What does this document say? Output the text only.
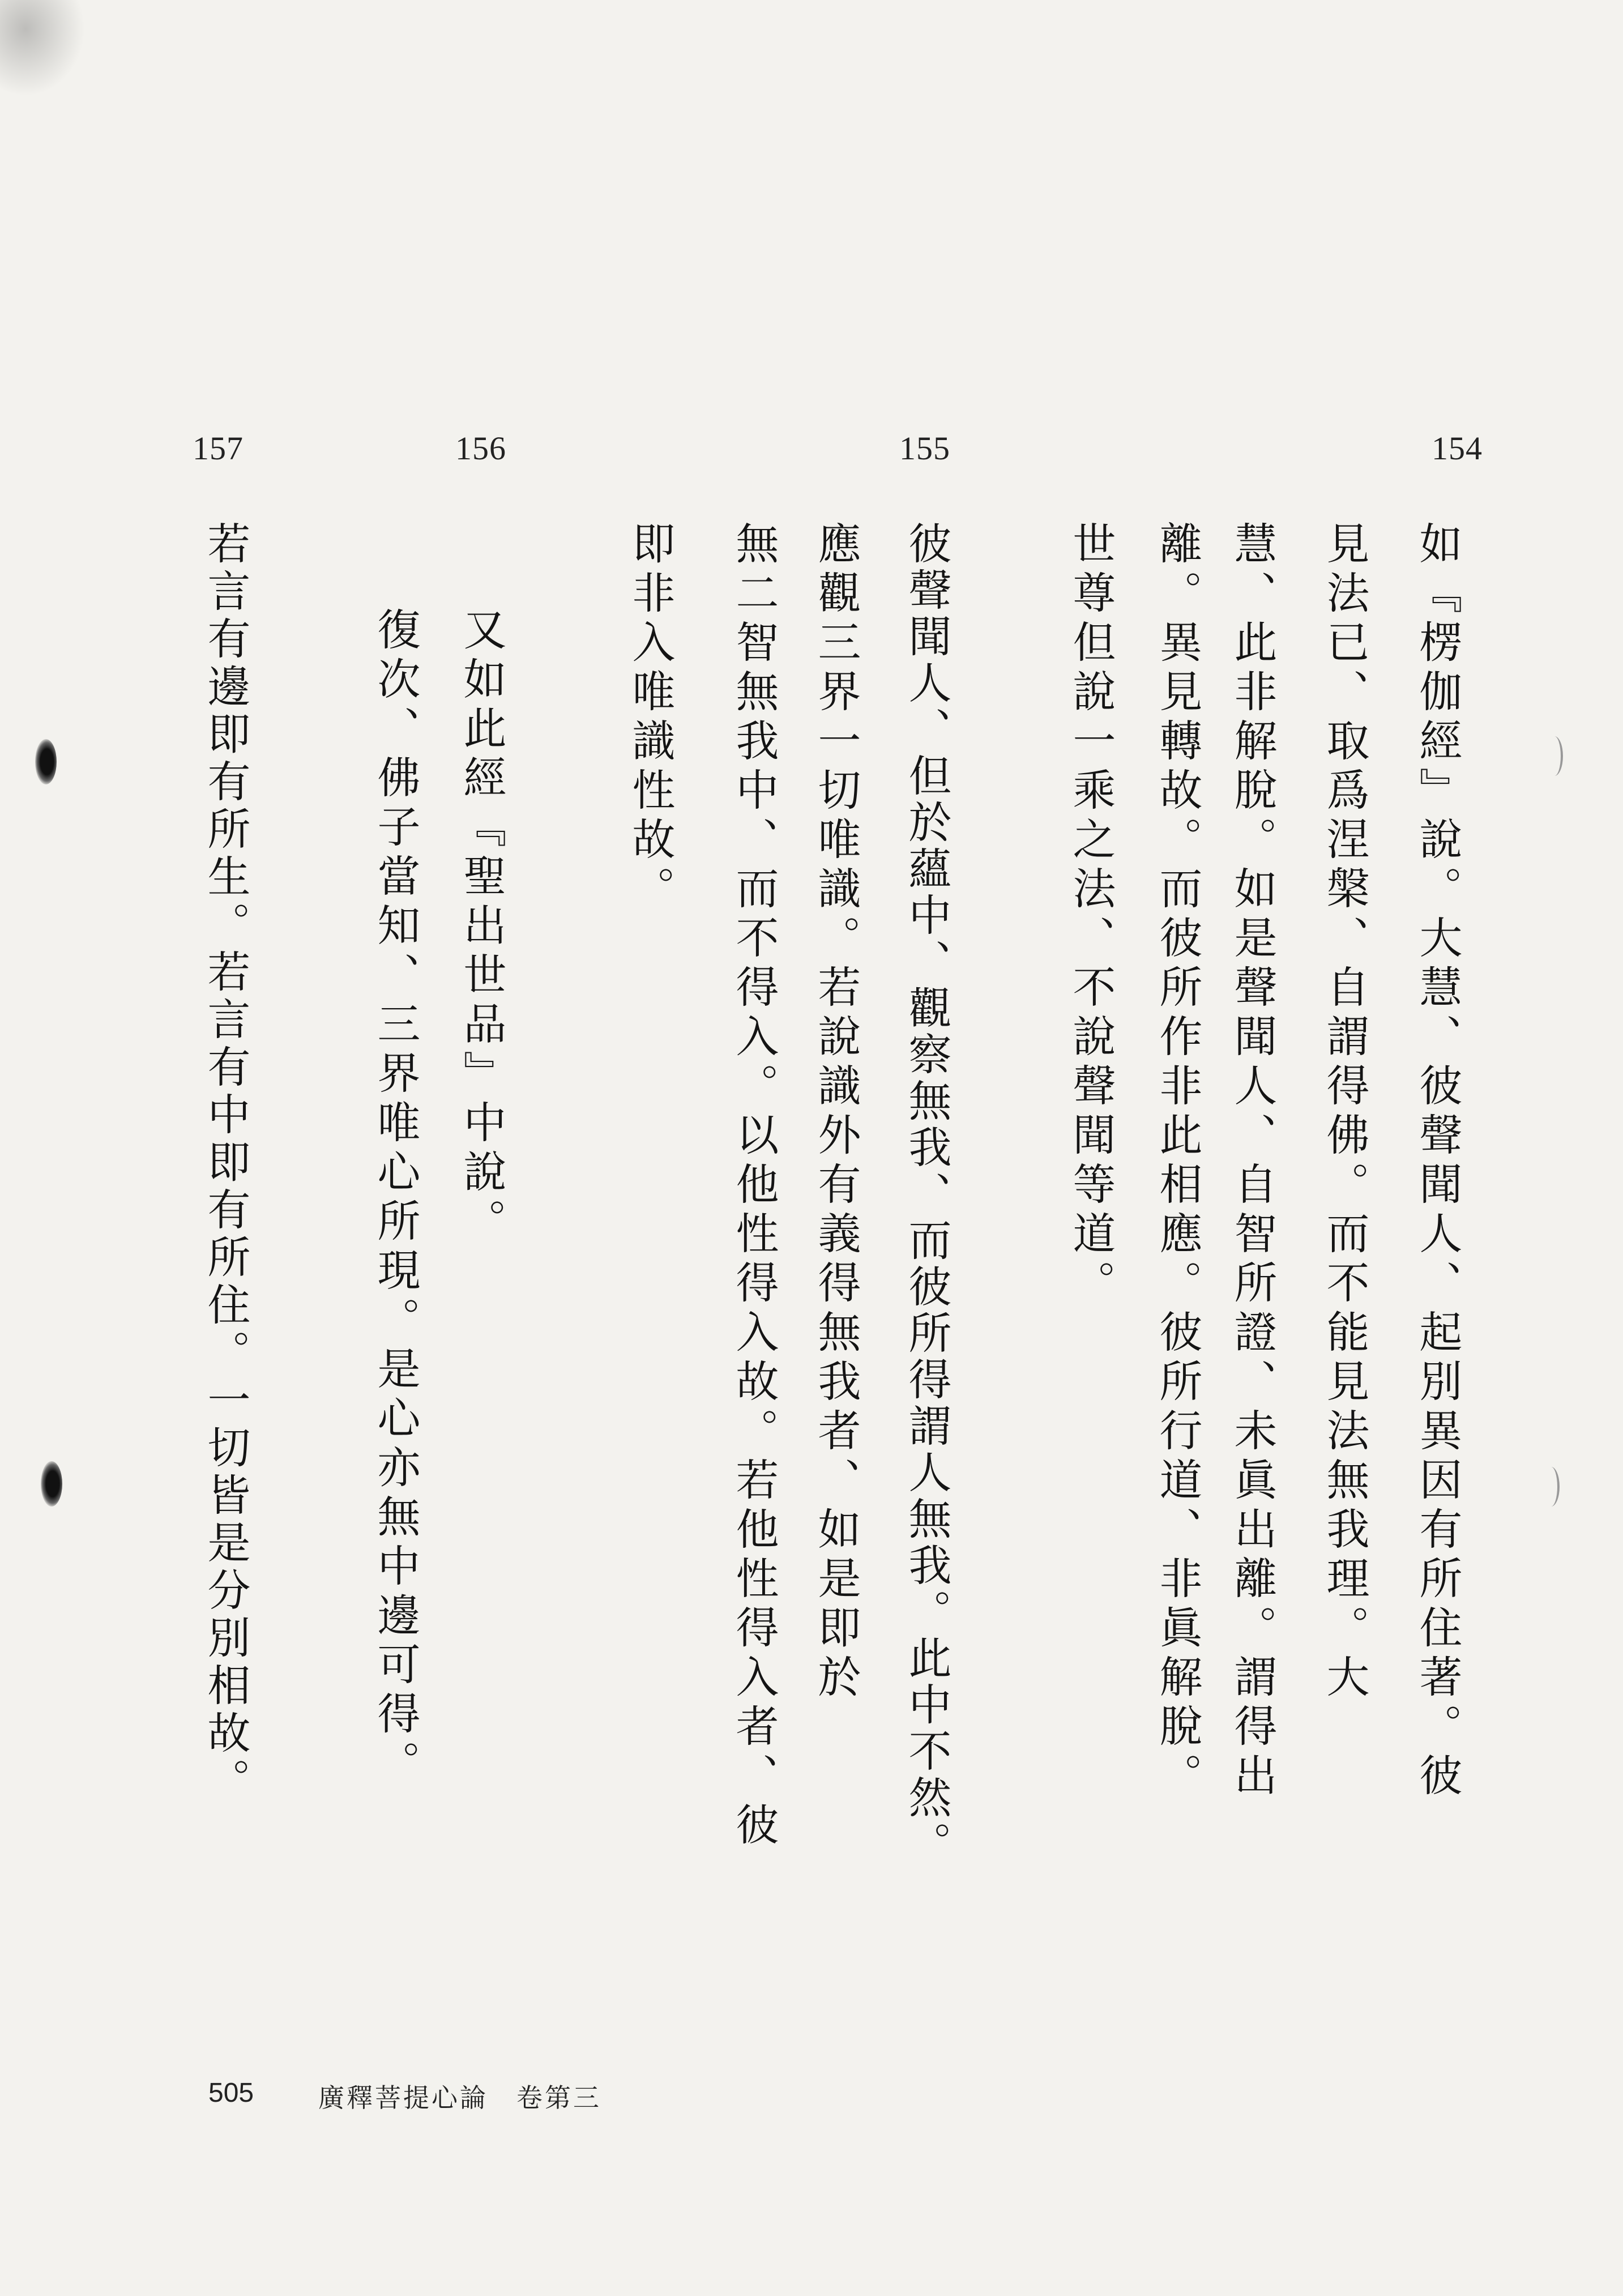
154
如『楞伽經』說。大慧、彼聲聞人、起別異因有所住著。彼
見法已、取爲涅槃、自謂得佛。而不能見法無我理。大
慧、此非解脫。如是聲聞人、自智所證、未眞出離。謂得出
離。異見轉故。而彼所作非此相應。彼所行道、非眞解脫。
世尊但說一乘之法、不說聲聞等道。
155
彼聲聞人、但於蘊中、觀察無我、而彼所得謂人無我。此中不然。
應觀三界一切唯識。若說識外有義得無我者、如是即於
無二智無我中、而不得入。以他性得入故。若他性得入者、彼
即非入唯識性故。
156
又如此經『聖出世品』中說。
復次、佛子當知、三界唯心所現。是心亦無中邊可得。
157
若言有邊即有所生。若言有中即有所住。一切皆是分別相故。
505 廣釋菩提心論　卷第三
